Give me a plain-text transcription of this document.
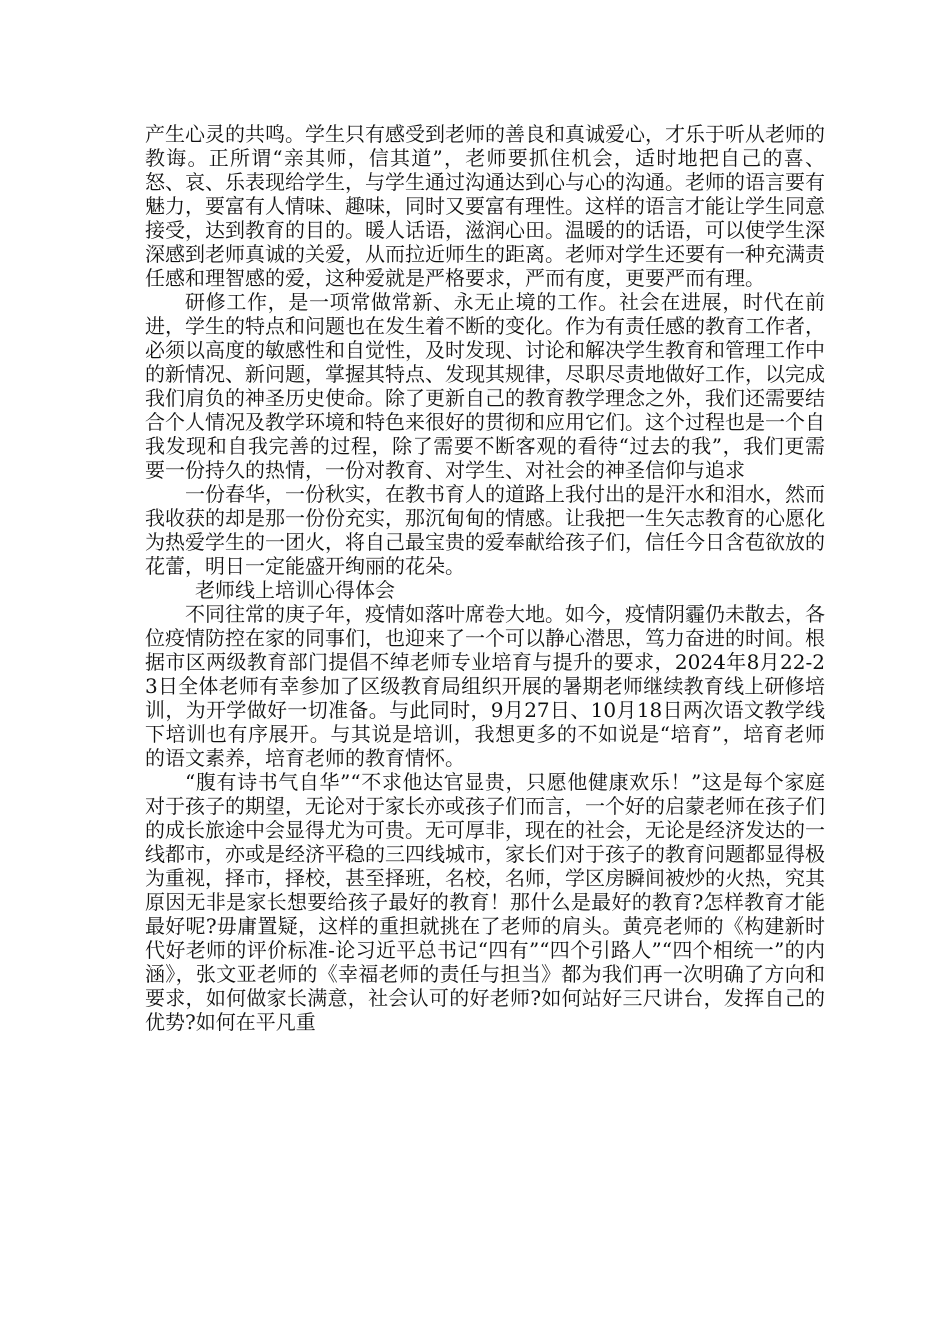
产生心灵的共鸣。学生只有感受到老师的善良和真诚爱心，才乐于听从老师的教诲。正所谓“亲其师，信其道”，老师要抓住机会，适时地把自己的喜、怒、哀、乐表现给学生，与学生通过沟通达到心与心的沟通。老师的语言要有魅力，要富有人情味、趣味，同时又要富有理性。这样的语言才能让学生同意接受，达到教育的目的。暖人话语，滋润心田。温暖的的话语，可以使学生深深感到老师真诚的关爱，从而拉近师生的距离。老师对学生还要有一种充满责任感和理智感的爱，这种爱就是严格要求，严而有度，更要严而有理。

研修工作，是一项常做常新、永无止境的工作。社会在进展，时代在前进，学生的特点和问题也在发生着不断的变化。作为有责任感的教育工作者，必须以高度的敏感性和自觉性，及时发现、讨论和解决学生教育和管理工作中的新情况、新问题，掌握其特点、发现其规律，尽职尽责地做好工作，以完成我们肩负的神圣历史使命。除了更新自己的教育教学理念之外，我们还需要结合个人情况及教学环境和特色来很好的贯彻和应用它们。这个过程也是一个自我发现和自我完善的过程，除了需要不断客观的看待“过去的我”，我们更需要一份持久的热情，一份对教育、对学生、对社会的神圣信仰与追求

一份春华，一份秋实，在教书育人的道路上我付出的是汗水和泪水，然而我收获的却是那一份份充实，那沉甸甸的情感。让我把一生矢志教育的心愿化为热爱学生的一团火，将自己最宝贵的爱奉献给孩子们，信任今日含苞欲放的花蕾，明日一定能盛开绚丽的花朵。

老师线上培训心得体会

不同往常的庚子年，疫情如落叶席卷大地。如今，疫情阴霾仍未散去，各位疫情防控在家的同事们，也迎来了一个可以静心潜思，笃力奋进的时间。根据市区两级教育部门提倡不绰老师专业培育与提升的要求，2024年8月22-23日全体老师有幸参加了区级教育局组织开展的暑期老师继续教育线上研修培训，为开学做好一切准备。与此同时，9月27日、10月18日两次语文教学线下培训也有序展开。与其说是培训，我想更多的不如说是“培育”，培育老师的语文素养，培育老师的教育情怀。

“腹有诗书气自华”“不求他达官显贵，只愿他健康欢乐！”这是每个家庭对于孩子的期望，无论对于家长亦或孩子们而言，一个好的启蒙老师在孩子们的成长旅途中会显得尤为可贵。无可厚非，现在的社会，无论是经济发达的一线都市，亦或是经济平稳的三四线城市，家长们对于孩子的教育问题都显得极为重视，择市，择校，甚至择班，名校，名师，学区房瞬间被炒的火热，究其原因无非是家长想要给孩子最好的教育！那什么是最好的教育?怎样教育才能最好呢?毋庸置疑，这样的重担就挑在了老师的肩头。黄亮老师的《构建新时代好老师的评价标准-论习近平总书记“四有”“四个引路人”“四个相统一”的内涵》，张文亚老师的《幸福老师的责任与担当》都为我们再一次明确了方向和要求，如何做家长满意，社会认可的好老师?如何站好三尺讲台，发挥自己的优势?如何在平凡重
